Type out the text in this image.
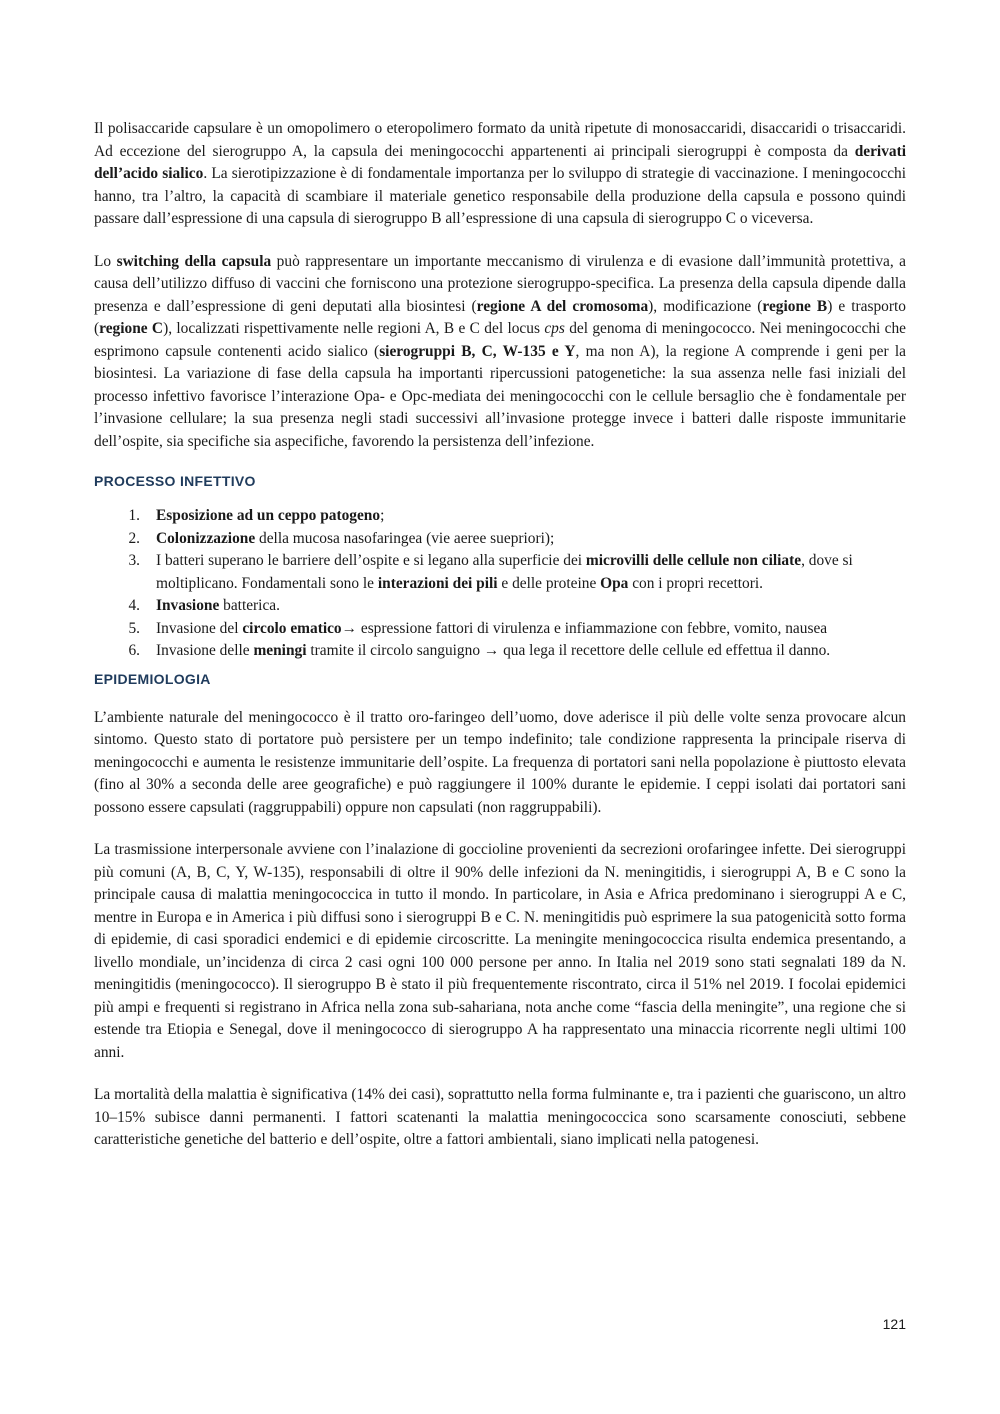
Il polisaccaride capsulare è un omopolimero o eteropolimero formato da unità ripetute di monosaccaridi, disaccaridi o trisaccaridi. Ad eccezione del sierogruppo A, la capsula dei meningococchi appartenenti ai principali sierogruppi è composta da derivati dell’acido sialico. La sierotipizzazione è di fondamentale importanza per lo sviluppo di strategie di vaccinazione. I meningococchi hanno, tra l’altro, la capacità di scambiare il materiale genetico responsabile della produzione della capsula e possono quindi passare dall’espressione di una capsula di sierogruppo B all’espressione di una capsula di sierogruppo C o viceversa.

Lo switching della capsula può rappresentare un importante meccanismo di virulenza e di evasione dall’immunità protettiva, a causa dell’utilizzo diffuso di vaccini che forniscono una protezione sierogruppo-specifica. La presenza della capsula dipende dalla presenza e dall’espressione di geni deputati alla biosintesi (regione A del cromosoma), modificazione (regione B) e trasporto (regione C), localizzati rispettivamente nelle regioni A, B e C del locus cps del genoma di meningococco. Nei meningococchi che esprimono capsule contenenti acido sialico (sierogruppi B, C, W-135 e Y, ma non A), la regione A comprende i geni per la biosintesi. La variazione di fase della capsula ha importanti ripercussioni patogenetiche: la sua assenza nelle fasi iniziali del processo infettivo favorisce l’interazione Opa- e Opc-mediata dei meningococchi con le cellule bersaglio che è fondamentale per l’invasione cellulare; la sua presenza negli stadi successivi all’invasione protegge invece i batteri dalle risposte immunitarie dell’ospite, sia specifiche sia aspecifiche, favorendo la persistenza dell’infezione.

PROCESSO INFETTIVO
1.	Esposizione ad un ceppo patogeno;
2.	Colonizzazione della mucosa nasofaringea (vie aeree suepriori);
3.	I batteri superano le barriere dell’ospite e si legano alla superficie dei microvilli delle cellule non ciliate, dove si moltiplicano. Fondamentali sono le interazioni dei pili e delle proteine Opa con i propri recettori.
4.	Invasione batterica.
5.	Invasione del circolo ematico→ espressione fattori di virulenza e infiammazione con febbre, vomito, nausea
6.	Invasione delle meningi tramite il circolo sanguigno → qua lega il recettore delle cellule ed effettua il danno.
EPIDEMIOLOGIA

L’ambiente naturale del meningococco è il tratto oro-faringeo dell’uomo, dove aderisce il più delle volte senza provocare alcun sintomo. Questo stato di portatore può persistere per un tempo indefinito; tale condizione rappresenta la principale riserva di meningococchi e aumenta le resistenze immunitarie dell’ospite. La frequenza di portatori sani nella popolazione è piuttosto elevata (fino al 30% a seconda delle aree geografiche) e può raggiungere il 100% durante le epidemie. I ceppi isolati dai portatori sani possono essere capsulati (raggruppabili) oppure non capsulati (non raggruppabili).

La trasmissione interpersonale avviene con l’inalazione di goccioline provenienti da secrezioni orofaringee infette. Dei sierogruppi più comuni (A, B, C, Y, W-135), responsabili di oltre il 90% delle infezioni da N. meningitidis, i sierogruppi A, B e C sono la principale causa di malattia meningococcica in tutto il mondo. In particolare, in Asia e Africa predominano i sierogruppi A e C, mentre in Europa e in America i più diffusi sono i sierogruppi B e C. N. meningitidis può esprimere la sua patogenicità sotto forma di epidemie, di casi sporadici endemici e di epidemie circoscritte. La meningite meningococcica risulta endemica presentando, a livello mondiale, un’incidenza di circa 2 casi ogni 100 000 persone per anno. In Italia nel 2019 sono stati segnalati 189 da N. meningitidis (meningococco). Il sierogruppo B è stato il più frequentemente riscontrato, circa il 51% nel 2019. I focolai epidemici più ampi e frequenti si registrano in Africa nella zona sub-sahariana, nota anche come “fascia della meningite”, una regione che si estende tra Etiopia e Senegal, dove il meningococco di sierogruppo A ha rappresentato una minaccia ricorrente negli ultimi 100 anni.

La mortalità della malattia è significativa (14% dei casi), soprattutto nella forma fulminante e, tra i pazienti che guariscono, un altro 10–15% subisce danni permanenti. I fattori scatenanti la malattia meningococcica sono scarsamente conosciuti, sebbene caratteristiche genetiche del batterio e dell’ospite, oltre a fattori ambientali, siano implicati nella patogenesi.

121
